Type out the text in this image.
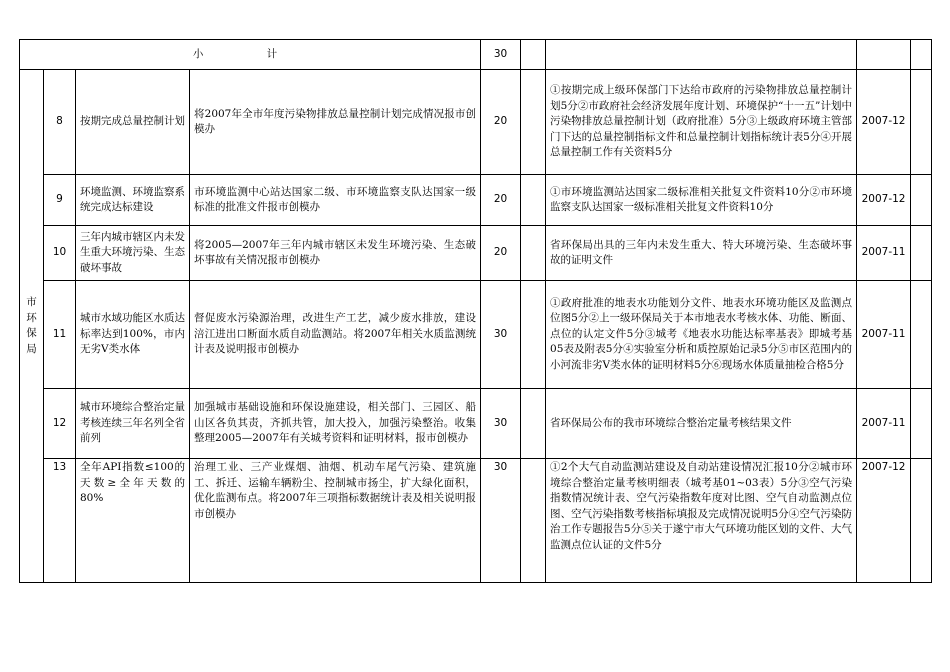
小 计				30				

市环保局	8	按期完成总量控制计划	将2007年全市年度污染物排放总量控制计划完成情况报市创模办	20		①按期完成上级环保部门下达给市政府的污染物排放总量控制计划5分②市政府社会经济发展年度计划、环境保护“十一五”计划中污染物排放总量控制计划（政府批准）5分③上级政府环境主管部门下达的总量控制指标文件和总量控制计划指标统计表5分④开展总量控制工作有关资料5分	2007-12	
	9	环境监测、环境监察系统完成达标建设	市环境监测中心站达国家二级、市环境监察支队达国家一级标准的批准文件报市创模办	20		①市环境监测站达国家二级标准相关批复文件资料10分②市环境监察支队达国家一级标准相关批复文件资料10分	2007-12	
	10	三年内城市辖区内未发生重大环境污染、生态破坏事故	将2005—2007年三年内城市辖区未发生环境污染、生态破坏事故有关情况报市创模办	20		省环保局出具的三年内未发生重大、特大环境污染、生态破坏事故的证明文件	2007-11	
	11	城市水域功能区水质达标率达到100%，市内无劣Ⅴ类水体	督促废水污染源治理，改进生产工艺，减少废水排放，建设涪江进出口断面水质自动监测站。将2007年相关水质监测统计表及说明报市创模办	30		①政府批准的地表水功能划分文件、地表水环境功能区及监测点位图5分②上一级环保局关于本市地表水考核水体、功能、断面、点位的认定文件5分③城考《地表水功能达标率基表》即城考基05表及附表5分④实验室分析和质控原始记录5分⑤市区范围内的小河流非劣Ⅴ类水体的证明材料5分⑥现场水体质量抽检合格5分	2007-11	
	12	城市环境综合整治定量考核连续三年名列全省前列	加强城市基础设施和环保设施建设，相关部门、三园区、船山区各负其责，齐抓共管，加大投入，加强污染整治。收集整理2005—2007年有关城考资料和证明材料，报市创模办	30		省环保局公布的我市环境综合整治定量考核结果文件	2007-11	
	13	全年API指数≤100的天数≥全年天数的80%	治理工业、三产业煤烟、油烟、机动车尾气污染、建筑施工、拆迁、运输车辆粉尘、控制城市扬尘，扩大绿化面积，优化监测布点。将2007年三项指标数据统计表及相关说明报市创模办	30		①2个大气自动监测站建设及自动站建设情况汇报10分②城市环境综合整治定量考核明细表（城考基01~03表）5分③空气污染指数情况统计表、空气污染指数年度对比图、空气自动监测点位图、空气污染指数考核指标填报及完成情况说明5分④空气污染防治工作专题报告5分⑤关于遂宁市大气环境功能区划的文件、大气监测点位认证的文件5分	2007-12	
